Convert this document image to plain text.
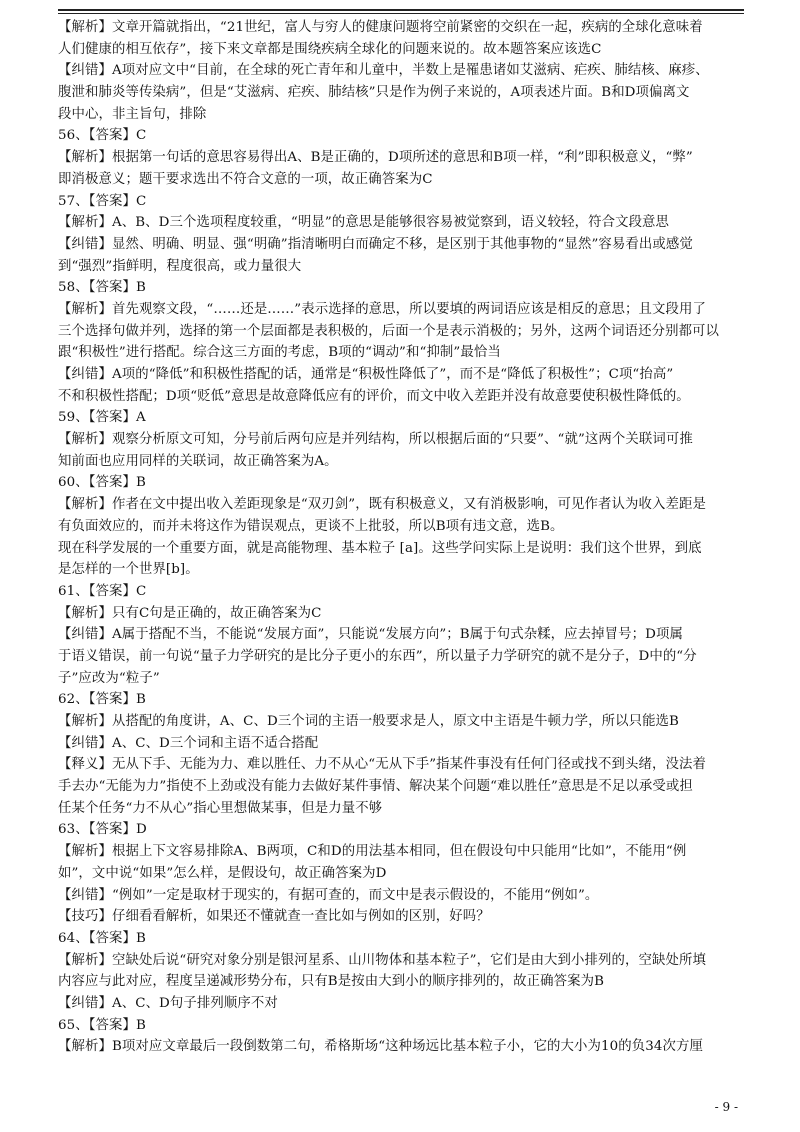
【解析】文章开篇就指出，“21世纪，富人与穷人的健康问题将空前紧密的交织在一起，疾病的全球化意味着
人们健康的相互依存”，接下来文章都是围绕疾病全球化的问题来说的。故本题答案应该选C
【纠错】A项对应文中“目前，在全球的死亡青年和儿童中，半数上是罹患诸如艾滋病、疟疾、肺结核、麻疹、
腹泄和肺炎等传染病”，但是“艾滋病、疟疾、肺结核”只是作为例子来说的，A项表述片面。B和D项偏离文
段中心，非主旨句，排除
56、【答案】C
【解析】根据第一句话的意思容易得出A、B是正确的，D项所述的意思和B项一样，“利”即积极意义，“弊”
即消极意义；题干要求选出不符合文意的一项，故正确答案为C
57、【答案】C
【解析】A、B、D三个选项程度较重，“明显”的意思是能够很容易被觉察到，语义较轻，符合文段意思
【纠错】显然、明确、明显、强“明确”指清晰明白而确定不移，是区别于其他事物的“显然”容易看出或感觉
到“强烈”指鲜明，程度很高，或力量很大
58、【答案】B
【解析】首先观察文段，“……还是……”表示选择的意思，所以要填的两词语应该是相反的意思；且文段用了
三个选择句做并列，选择的第一个层面都是表积极的，后面一个是表示消极的；另外，这两个词语还分别都可以
跟“积极性”进行搭配。综合这三方面的考虑，B项的“调动”和“抑制”最恰当
【纠错】A项的“降低”和积极性搭配的话，通常是“积极性降低了”，而不是“降低了积极性”；C项“抬高”
不和积极性搭配；D项“贬低”意思是故意降低应有的评价，而文中收入差距并没有故意要使积极性降低的。
59、【答案】A
【解析】观察分析原文可知，分号前后两句应是并列结构，所以根据后面的“只要”、“就”这两个关联词可推
知前面也应用同样的关联词，故正确答案为A。
60、【答案】B
【解析】作者在文中提出收入差距现象是“双刃剑”，既有积极意义，又有消极影响，可见作者认为收入差距是
有负面效应的，而并未将这作为错误观点，更谈不上批驳，所以B项有违文意，选B。
现在科学发展的一个重要方面，就是高能物理、基本粒子 [a]。这些学问实际上是说明：我们这个世界，到底
是怎样的一个世界[b]。
61、【答案】C
【解析】只有C句是正确的，故正确答案为C
【纠错】A属于搭配不当，不能说“发展方面”，只能说“发展方向”；B属于句式杂糅，应去掉冒号；D项属
于语义错误，前一句说“量子力学研究的是比分子更小的东西”，所以量子力学研究的就不是分子，D中的“分
子”应改为“粒子”
62、【答案】B
【解析】从搭配的角度讲，A、C、D三个词的主语一般要求是人，原文中主语是牛顿力学，所以只能选B
【纠错】A、C、D三个词和主语不适合搭配
【释义】无从下手、无能为力、难以胜任、力不从心“无从下手”指某件事没有任何门径或找不到头绪，没法着
手去办“无能为力”指使不上劲或没有能力去做好某件事情、解决某个问题“难以胜任”意思是不足以承受或担
任某个任务“力不从心”指心里想做某事，但是力量不够
63、【答案】D
【解析】根据上下文容易排除A、B两项，C和D的用法基本相同，但在假设句中只能用“比如”，不能用“例
如”，文中说“如果”怎么样，是假设句，故正确答案为D
【纠错】“例如”一定是取材于现实的，有据可查的，而文中是表示假设的，不能用“例如”。
【技巧】仔细看看解析，如果还不懂就查一查比如与例如的区别，好吗？
64、【答案】B
【解析】空缺处后说“研究对象分别是银河星系、山川物体和基本粒子”，它们是由大到小排列的，空缺处所填
内容应与此对应，程度呈递减形势分布，只有B是按由大到小的顺序排列的，故正确答案为B
【纠错】A、C、D句子排列顺序不对
65、【答案】B
【解析】B项对应文章最后一段倒数第二句，希格斯场“这种场远比基本粒子小，它的大小为10的负34次方厘
- 9 -
